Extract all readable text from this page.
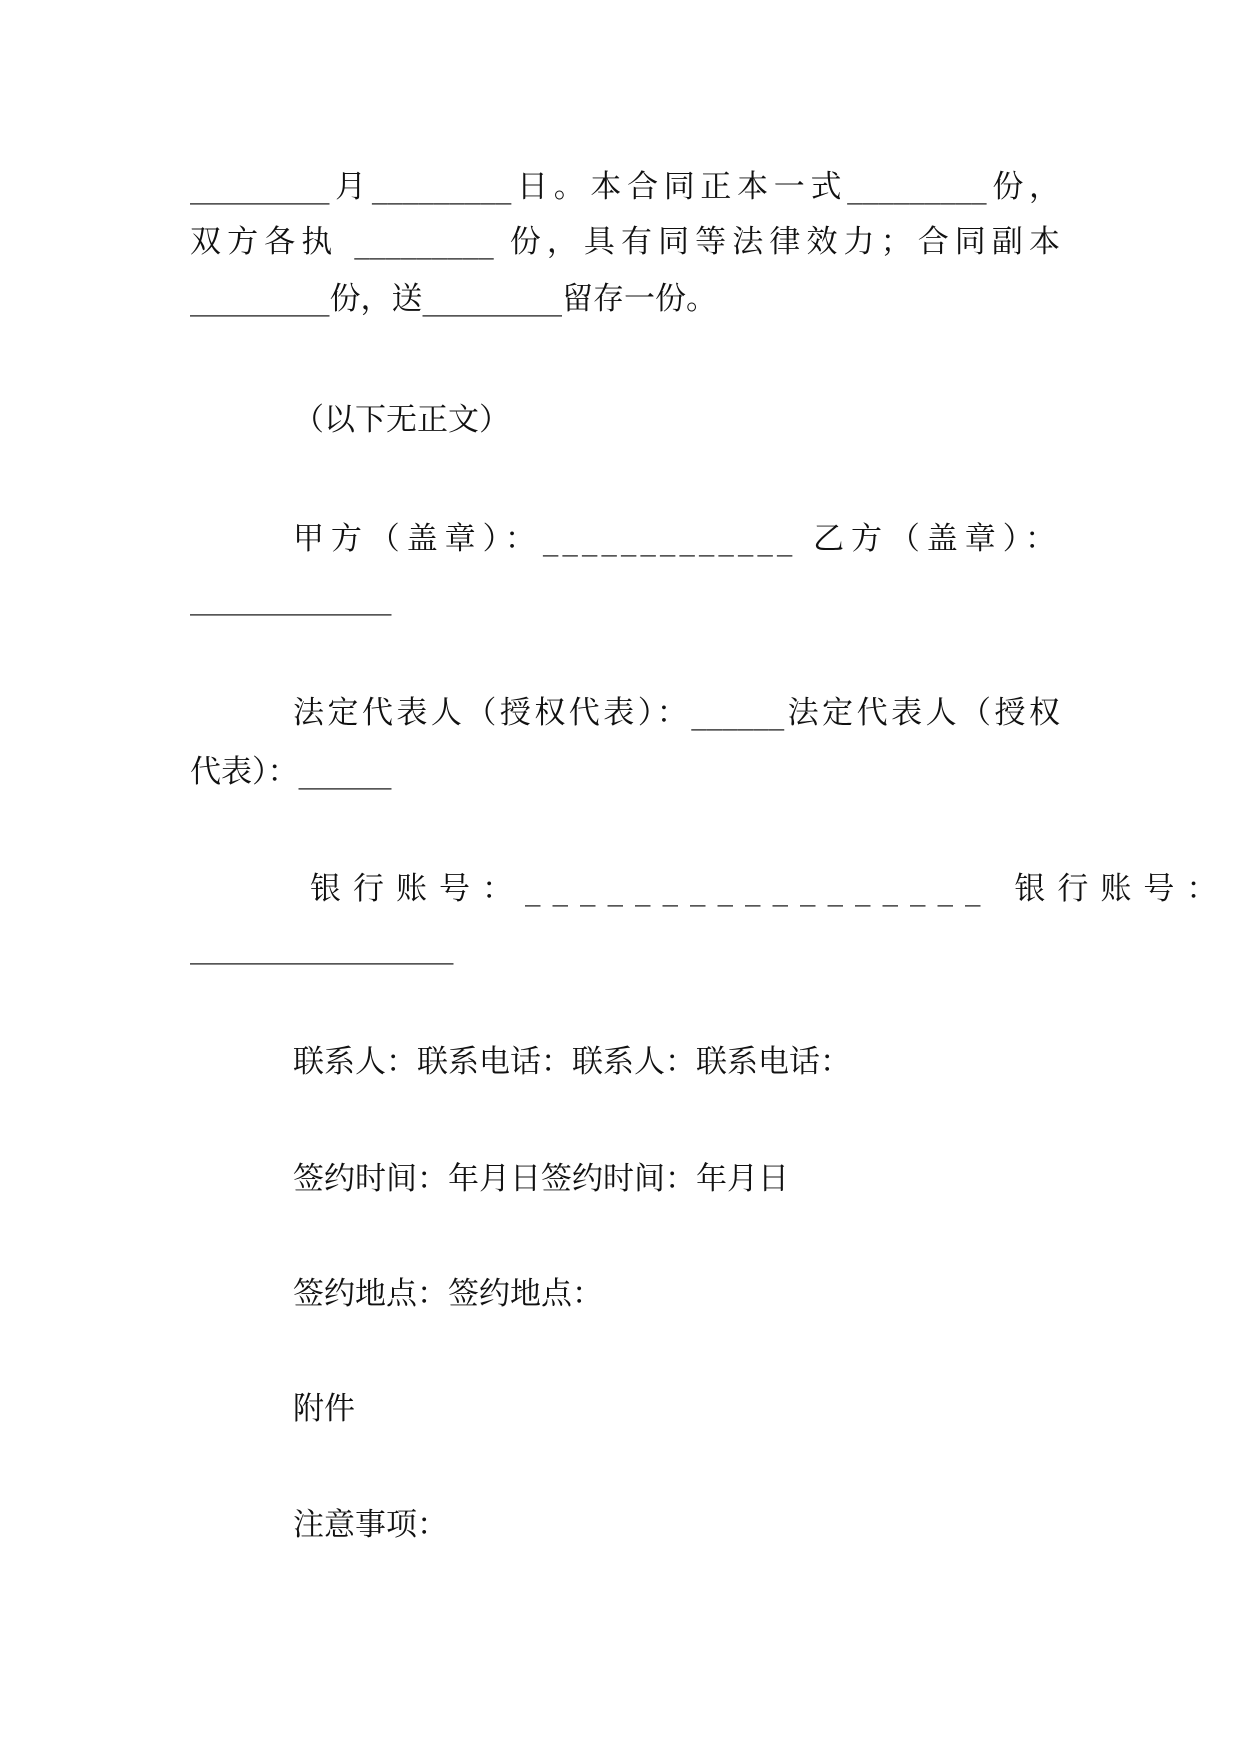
_________月_________日。本合同正本一式_________份，
双方各执 _________ 份，具有同等法律效力；合同副本
_________份，送_________留存一份。
（以下无正文）
甲方（盖章）：_____________ 乙方（盖章）：
_____________
法定代表人（授权代表）：______法定代表人（授权
代表）：______
银行账号：_________________ 银行账号：
_________________
联系人：联系电话：联系人：联系电话：
签约时间：年月日签约时间：年月日
签约地点：签约地点：
附件
注意事项：
